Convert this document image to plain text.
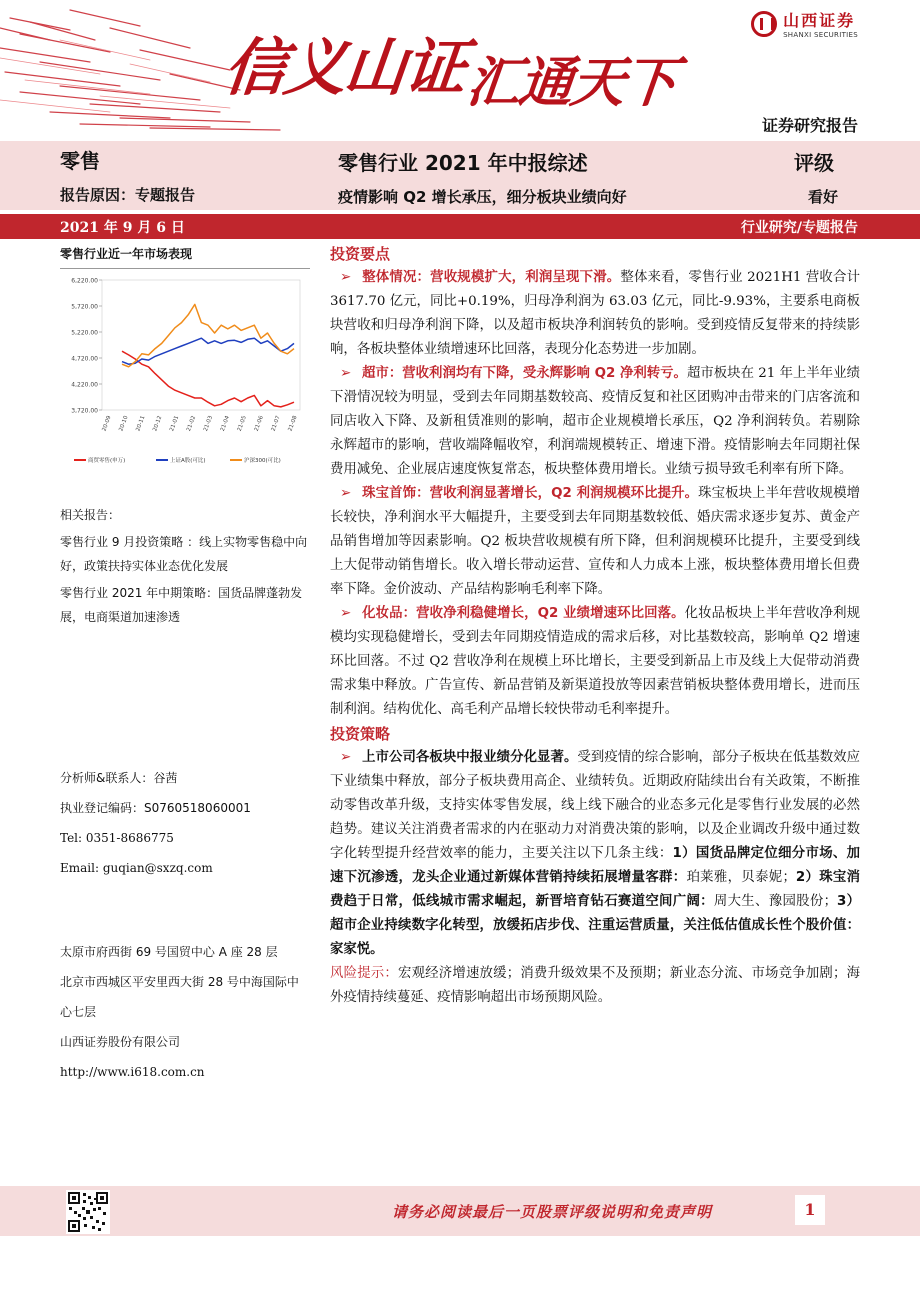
信义山证汇通天下
山西证券
SHANXI SECURITIES
证券研究报告
零售	零售行业 2021 年中报综述	评级
报告原因：专题报告	疫情影响 Q2 增长承压，细分板块业绩向好	看好
2021 年 9 月 6 日	行业研究/专题报告
零售行业近一年市场表现
6,220.00
5,720.00
5,220.00
4,720.00
4,220.00
3,720.00
20-09 20-10 20-11 20-12 21-01 21-02 21-03 21-04 21-05 21-06 21-07 21-08
商贸零售(申万)	上证A股(可比)	沪深300(可比)

相关报告：

零售行业 9 月投资策略 ：线上实物零售稳中向好，政策扶持实体业态优化发展

零售行业 2021 年中期策略：国货品牌蓬勃发展，电商渠道加速渗透

分析师&联系人：谷茜
执业登记编码：S0760518060001
Tel: 0351-8686775
Email: guqian@sxzq.com
太原市府西街 69 号国贸中心 A 座 28 层
北京市西城区平安里西大街 28 号中海国际中心七层
山西证券股份有限公司
http://www.i618.com.cn
投资要点
➢ 整体情况：营收规模扩大，利润呈现下滑。整体来看，零售行业 2021H1 营收合计 3617.70 亿元，同比+0.19%，归母净利润为 63.03 亿元，同比-9.93%，主要系电商板块营收和归母净利润下降，以及超市板块净利润转负的影响。受到疫情反复带来的持续影响，各板块整体业绩增速环比回落，表现分化态势进一步加剧。
➢ 超市：营收利润均有下降，受永辉影响 Q2 净利转亏。超市板块在 21 年上半年业绩下滑情况较为明显，受到去年同期基数较高、疫情反复和社区团购冲击带来的门店客流和同店收入下降、及新租赁准则的影响，超市企业规模增长承压，Q2 净利润转负。若剔除永辉超市的影响，营收端降幅收窄，利润端规模转正、增速下滑。疫情影响去年同期社保费用减免、企业展店速度恢复常态，板块整体费用增长。业绩亏损导致毛利率有所下降。
➢ 珠宝首饰：营收利润显著增长，Q2 利润规模环比提升。珠宝板块上半年营收规模增长较快，净利润水平大幅提升，主要受到去年同期基数较低、婚庆需求逐步复苏、黄金产品销售增加等因素影响。Q2 板块营收规模有所下降，但利润规模环比提升，主要受到线上大促带动销售增长。收入增长带动运营、宣传和人力成本上涨，板块整体费用增长但费率下降。金价波动、产品结构影响毛利率下降。
➢ 化妆品：营收净利稳健增长，Q2 业绩增速环比回落。化妆品板块上半年营收净利规模均实现稳健增长，受到去年同期疫情造成的需求后移，对比基数较高，影响单 Q2 增速环比回落。不过 Q2 营收净利在规模上环比增长，主要受到新品上市及线上大促带动消费需求集中释放。广告宣传、新品营销及新渠道投放等因素营销板块整体费用增长，进而压制利润。结构优化、高毛利产品增长较快带动毛利率提升。
投资策略
➢ 上市公司各板块中报业绩分化显著。受到疫情的综合影响，部分子板块在低基数效应下业绩集中释放，部分子板块费用高企、业绩转负。近期政府陆续出台有关政策，不断推动零售改革升级，支持实体零售发展，线上线下融合的业态多元化是零售行业发展的必然趋势。建议关注消费者需求的内在驱动力对消费决策的影响，以及企业调改升级中通过数字化转型提升经营效率的能力，主要关注以下几条主线：1）国货品牌定位细分市场、加速下沉渗透，龙头企业通过新媒体营销持续拓展增量客群：珀莱雅，贝泰妮；2）珠宝消费趋于日常，低线城市需求崛起，新晋培育钻石赛道空间广阔：周大生、豫园股份；3）超市企业持续数字化转型，放缓拓店步伐、注重运营质量，关注低估值成长性个股价值：家家悦。
风险提示：宏观经济增速放缓；消费升级效果不及预期；新业态分流、市场竞争加剧；海外疫情持续蔓延、疫情影响超出市场预期风险。
请务必阅读最后一页股票评级说明和免责声明	1
